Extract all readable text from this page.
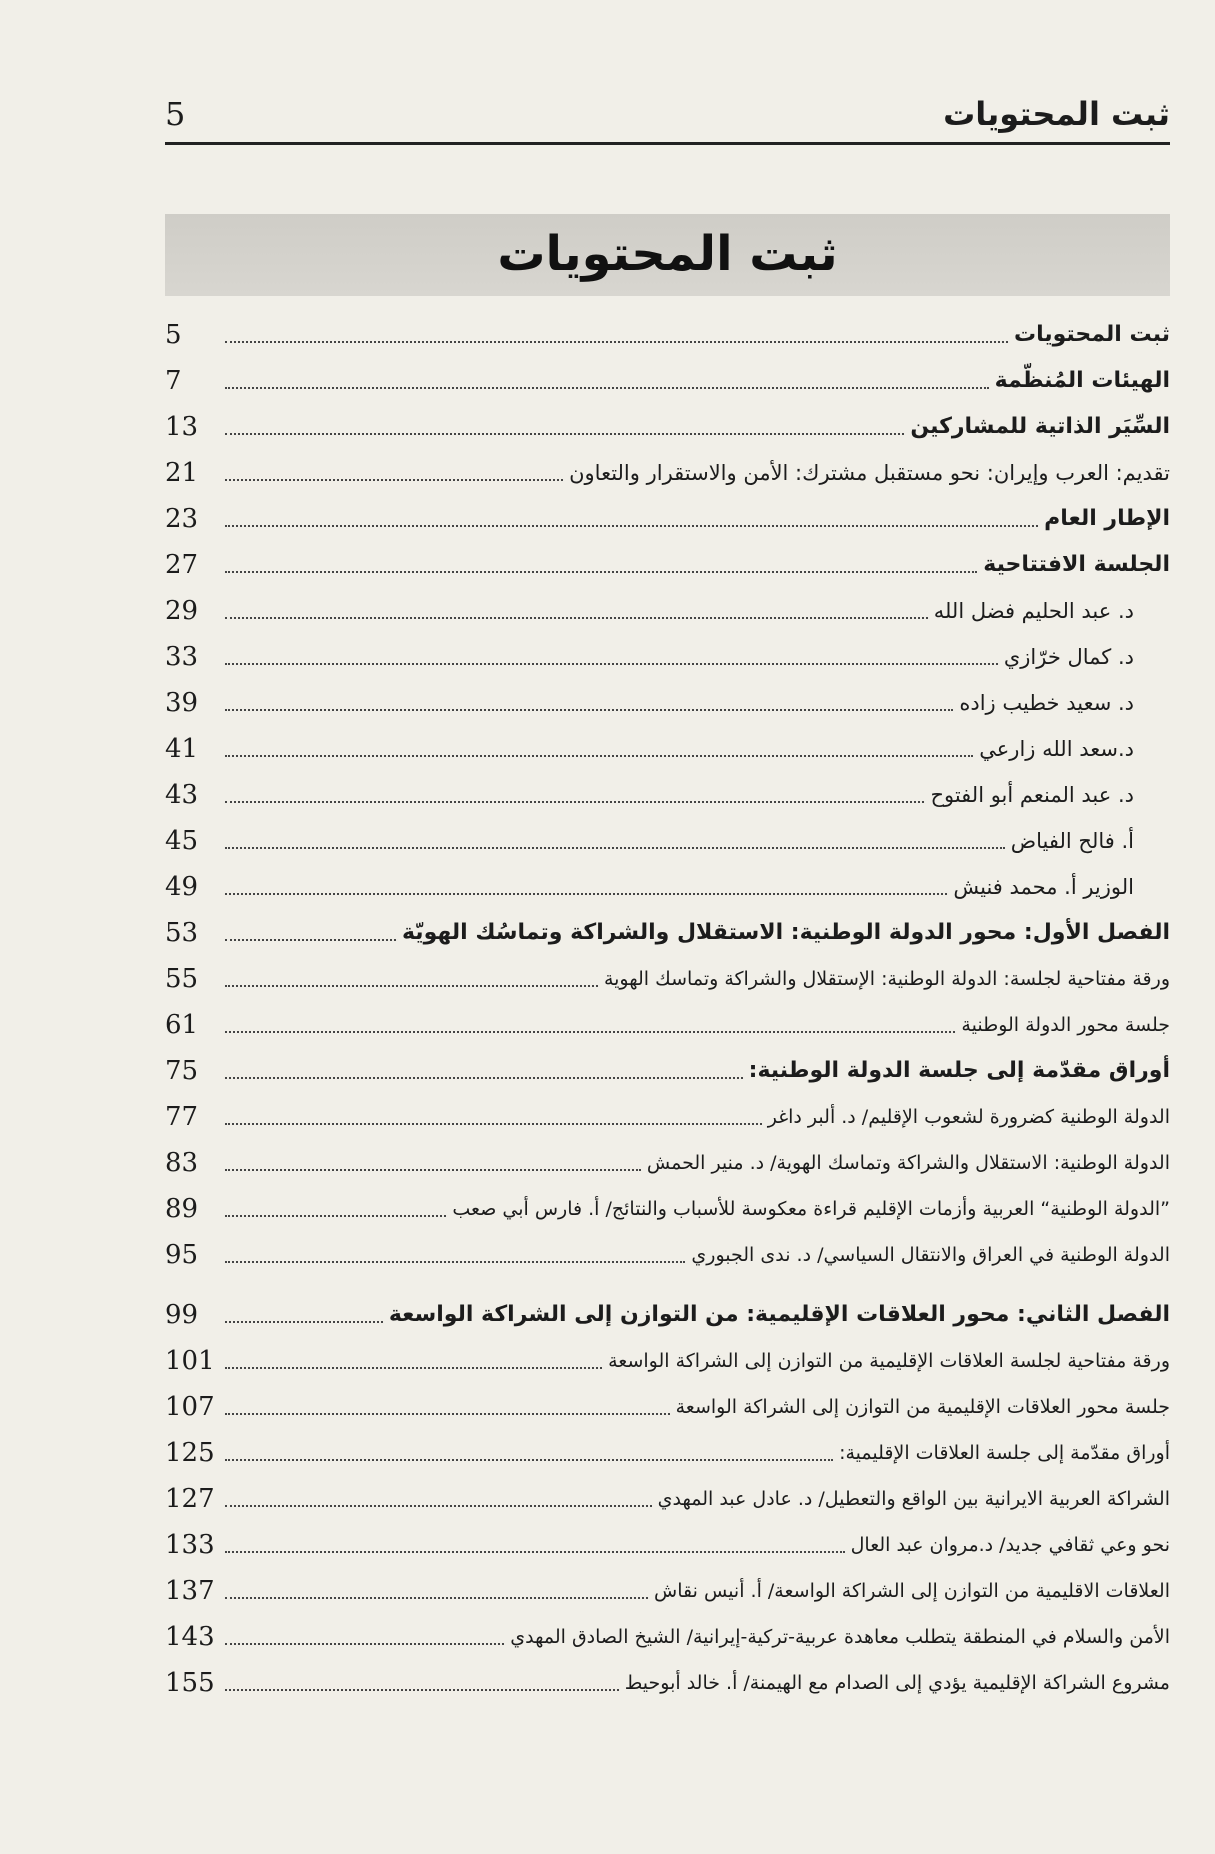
ثبت المحتويات
5
ثبت المحتويات
ثبت المحتويات
5
الهيئات المُنظّمة
7
السِّيَر الذاتية للمشاركين
13
تقديم: العرب وإيران: نحو مستقبل مشترك: الأمن والاستقرار والتعاون
21
الإطار العام
23
الجلسة الافتتاحية
27
د. عبد الحليم فضل الله
29
د. كمال خرّازي
33
د. سعيد خطيب زاده
39
د.سعد الله زارعي
41
د. عبد المنعم أبو الفتوح
43
أ. فالح الفياض
45
الوزير أ. محمد فنيش
49
الفصل الأول: محور الدولة الوطنية: الاستقلال والشراكة وتماسُك الهويّة
53
ورقة مفتاحية لجلسة: الدولة الوطنية: الإستقلال والشراكة وتماسك الهوية
55
جلسة محور الدولة الوطنية
61
أوراق مقدّمة إلى جلسة الدولة الوطنية:
75
الدولة الوطنية كضرورة لشعوب الإقليم/ د. ألبر داغر
77
الدولة الوطنية: الاستقلال والشراكة وتماسك الهوية/ د. منير الحمش
83
”الدولة الوطنية“ العربية وأزمات الإقليم قراءة معكوسة للأسباب والنتائج/ أ. فارس أبي صعب
89
الدولة الوطنية في العراق والانتقال السياسي/ د. ندى الجبوري
95
الفصل الثاني: محور العلاقات الإقليمية: من التوازن إلى الشراكة الواسعة
99
ورقة مفتاحية لجلسة العلاقات الإقليمية من التوازن إلى الشراكة الواسعة
101
جلسة محور العلاقات الإقليمية من التوازن إلى الشراكة الواسعة
107
أوراق مقدّمة إلى جلسة العلاقات الإقليمية:
125
الشراكة العربية الايرانية بين الواقع والتعطيل/ د. عادل عبد المهدي
127
نحو وعي ثقافي جديد/ د.مروان عبد العال
133
العلاقات الاقليمية من التوازن إلى الشراكة الواسعة/ أ. أنيس نقاش
137
الأمن والسلام في المنطقة يتطلب معاهدة عربية-تركية-إيرانية/ الشيخ الصادق المهدي
143
مشروع الشراكة الإقليمية يؤدي إلى الصدام مع الهيمنة/ أ. خالد أبوحيط
155
